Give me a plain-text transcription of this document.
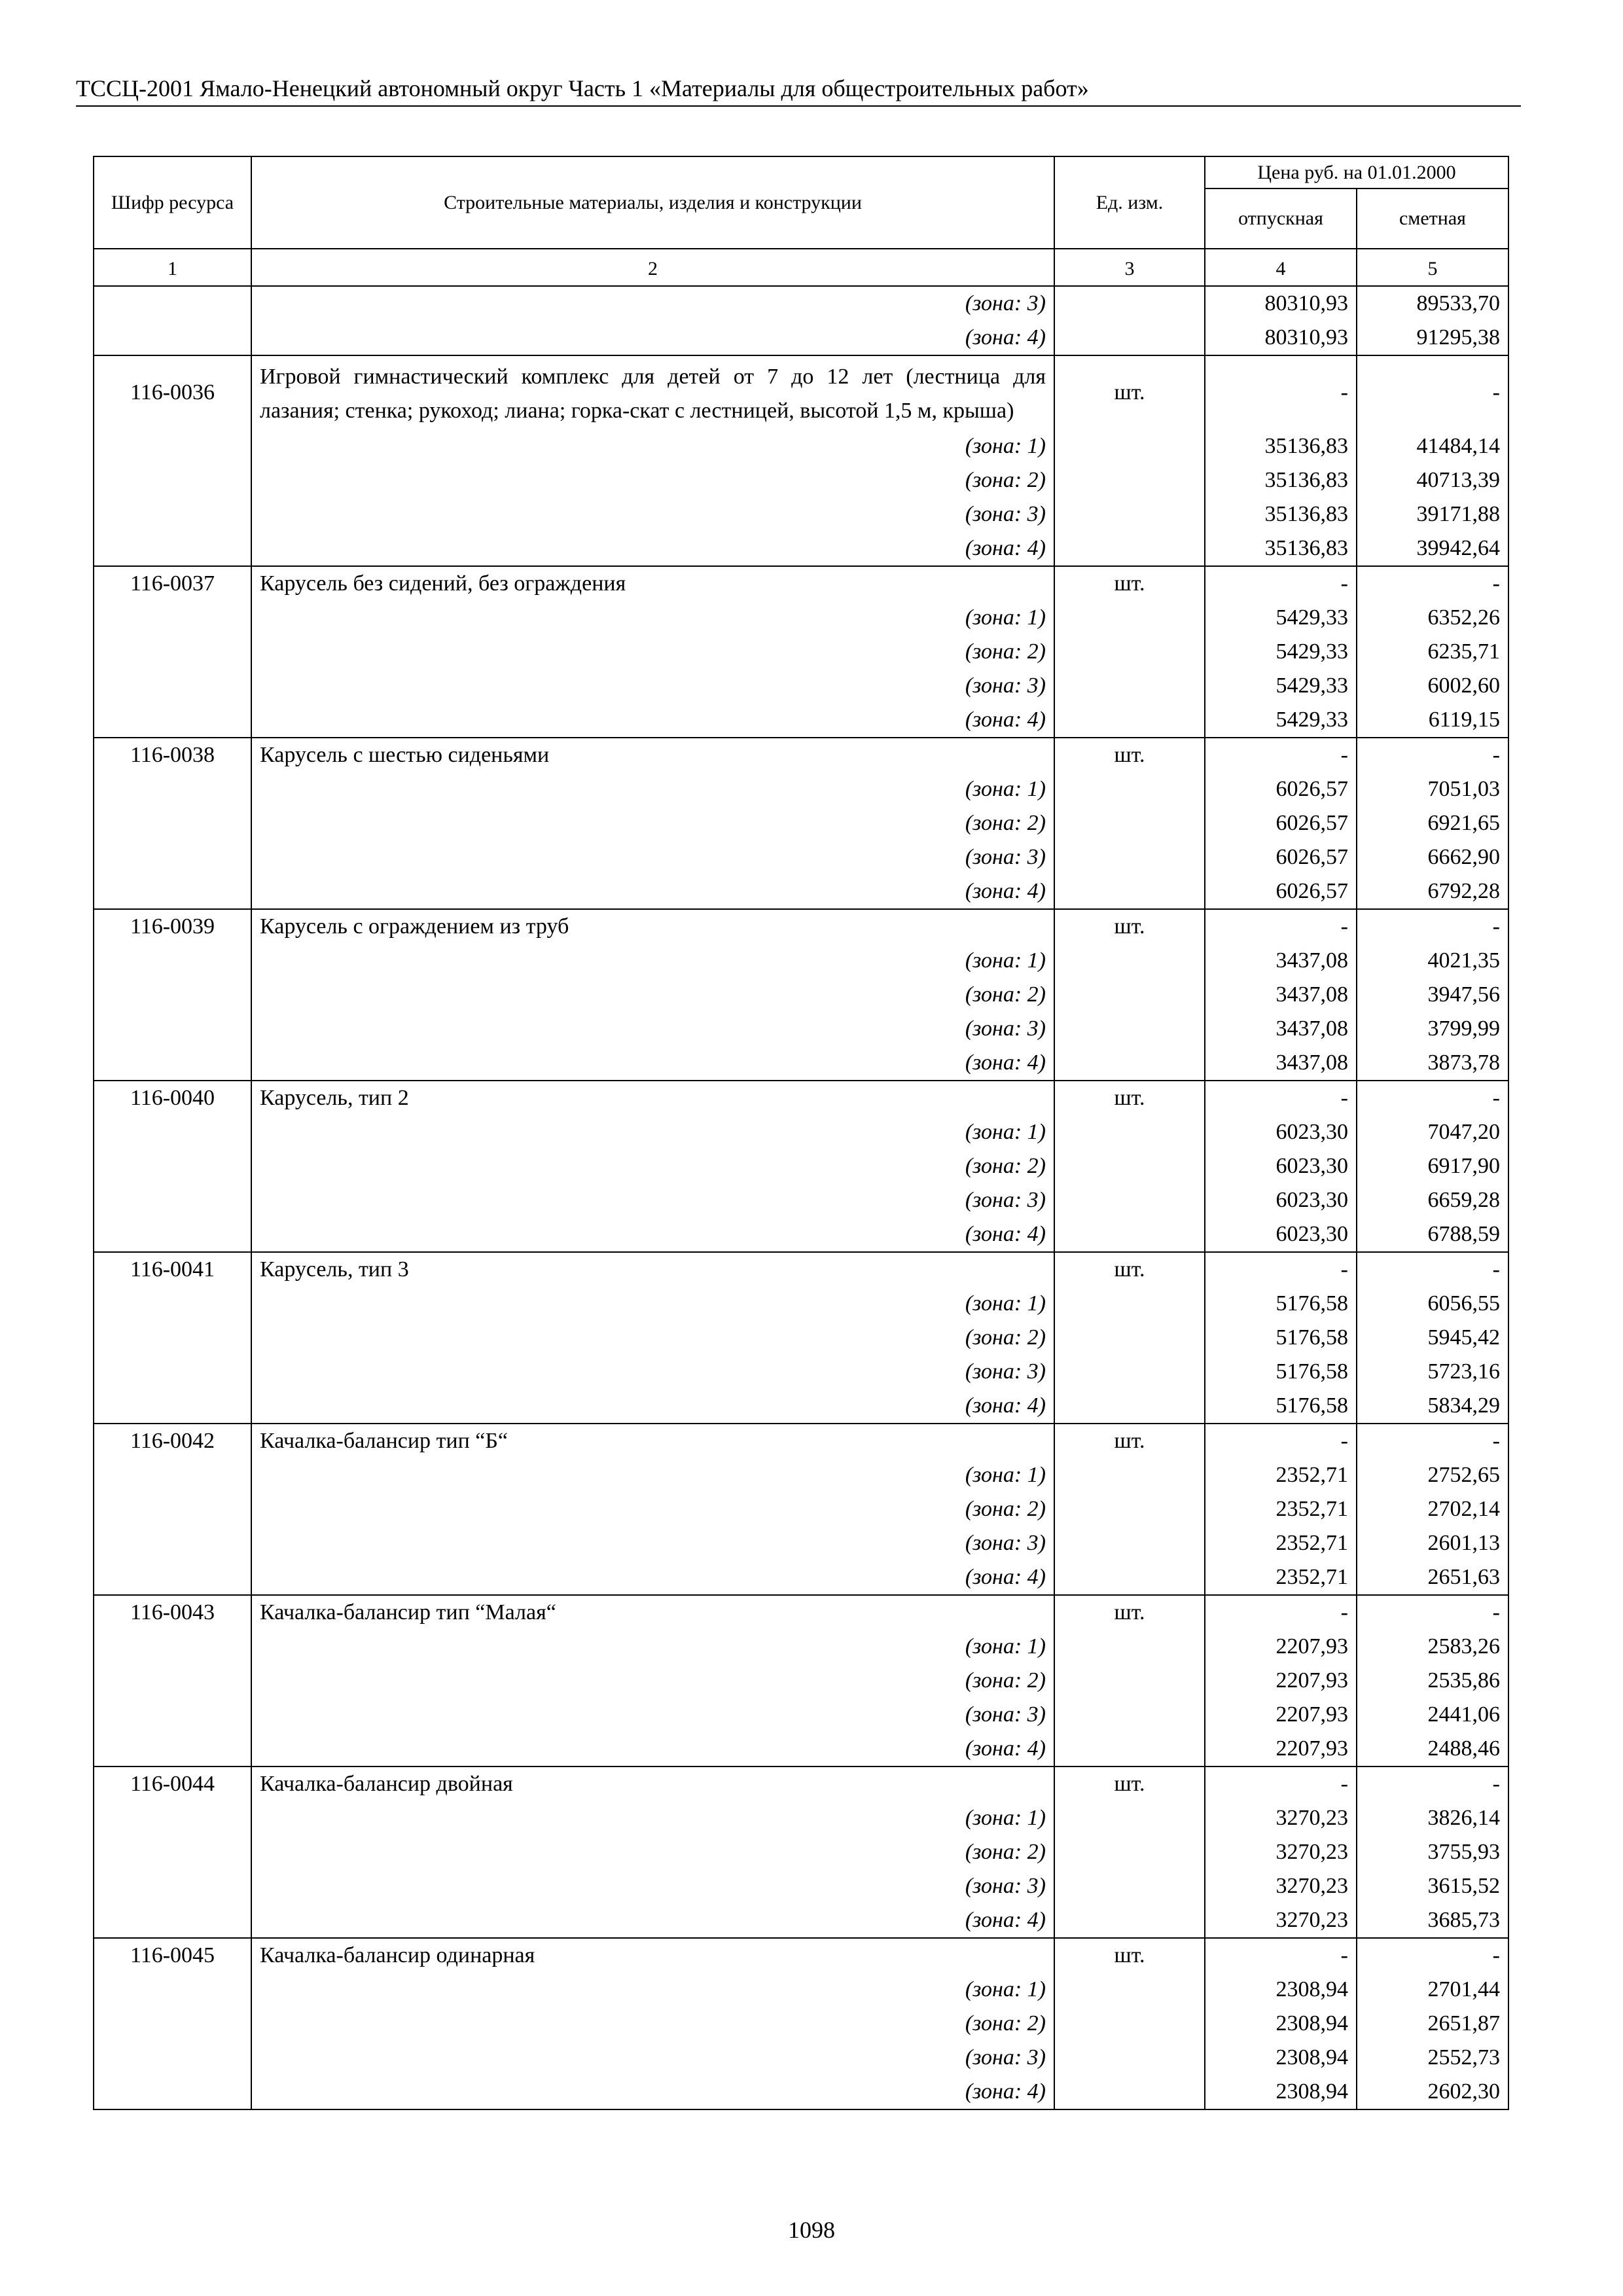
ТССЦ-2001 Ямало-Ненецкий автономный округ Часть 1 «Материалы для общестроительных работ»
Шифр ресурса	Строительные материалы, изделия и конструкции	Ед. изм.	Цена руб. на 01.01.2000	
			отпускная	сметная
1	2	3	4	5
	(зона: 3)		80310,93	89533,70
	(зона: 4)		80310,93	91295,38
116-0036	Игровой гимнастический комплекс для детей от 7 до 12 лет (лестница для лазания; стенка; рукоход; лиана; горка-скат с лестницей, высотой 1,5 м, крыша)	шт.	-	-
	(зона: 1)		35136,83	41484,14
	(зона: 2)		35136,83	40713,39
	(зона: 3)		35136,83	39171,88
	(зона: 4)		35136,83	39942,64
116-0037	Карусель без сидений, без ограждения	шт.	-	-
	(зона: 1)		5429,33	6352,26
	(зона: 2)		5429,33	6235,71
	(зона: 3)		5429,33	6002,60
	(зона: 4)		5429,33	6119,15
116-0038	Карусель с шестью сиденьями	шт.	-	-
	(зона: 1)		6026,57	7051,03
	(зона: 2)		6026,57	6921,65
	(зона: 3)		6026,57	6662,90
	(зона: 4)		6026,57	6792,28
116-0039	Карусель с ограждением из труб	шт.	-	-
	(зона: 1)		3437,08	4021,35
	(зона: 2)		3437,08	3947,56
	(зона: 3)		3437,08	3799,99
	(зона: 4)		3437,08	3873,78
116-0040	Карусель, тип 2	шт.	-	-
	(зона: 1)		6023,30	7047,20
	(зона: 2)		6023,30	6917,90
	(зона: 3)		6023,30	6659,28
	(зона: 4)		6023,30	6788,59
116-0041	Карусель, тип 3	шт.	-	-
	(зона: 1)		5176,58	6056,55
	(зона: 2)		5176,58	5945,42
	(зона: 3)		5176,58	5723,16
	(зона: 4)		5176,58	5834,29
116-0042	Качалка-балансир тип “Б“	шт.	-	-
	(зона: 1)		2352,71	2752,65
	(зона: 2)		2352,71	2702,14
	(зона: 3)		2352,71	2601,13
	(зона: 4)		2352,71	2651,63
116-0043	Качалка-балансир тип “Малая“	шт.	-	-
	(зона: 1)		2207,93	2583,26
	(зона: 2)		2207,93	2535,86
	(зона: 3)		2207,93	2441,06
	(зона: 4)		2207,93	2488,46
116-0044	Качалка-балансир двойная	шт.	-	-
	(зона: 1)		3270,23	3826,14
	(зона: 2)		3270,23	3755,93
	(зона: 3)		3270,23	3615,52
	(зона: 4)		3270,23	3685,73
116-0045	Качалка-балансир одинарная	шт.	-	-
	(зона: 1)		2308,94	2701,44
	(зона: 2)		2308,94	2651,87
	(зона: 3)		2308,94	2552,73
	(зона: 4)		2308,94	2602,30
1098
